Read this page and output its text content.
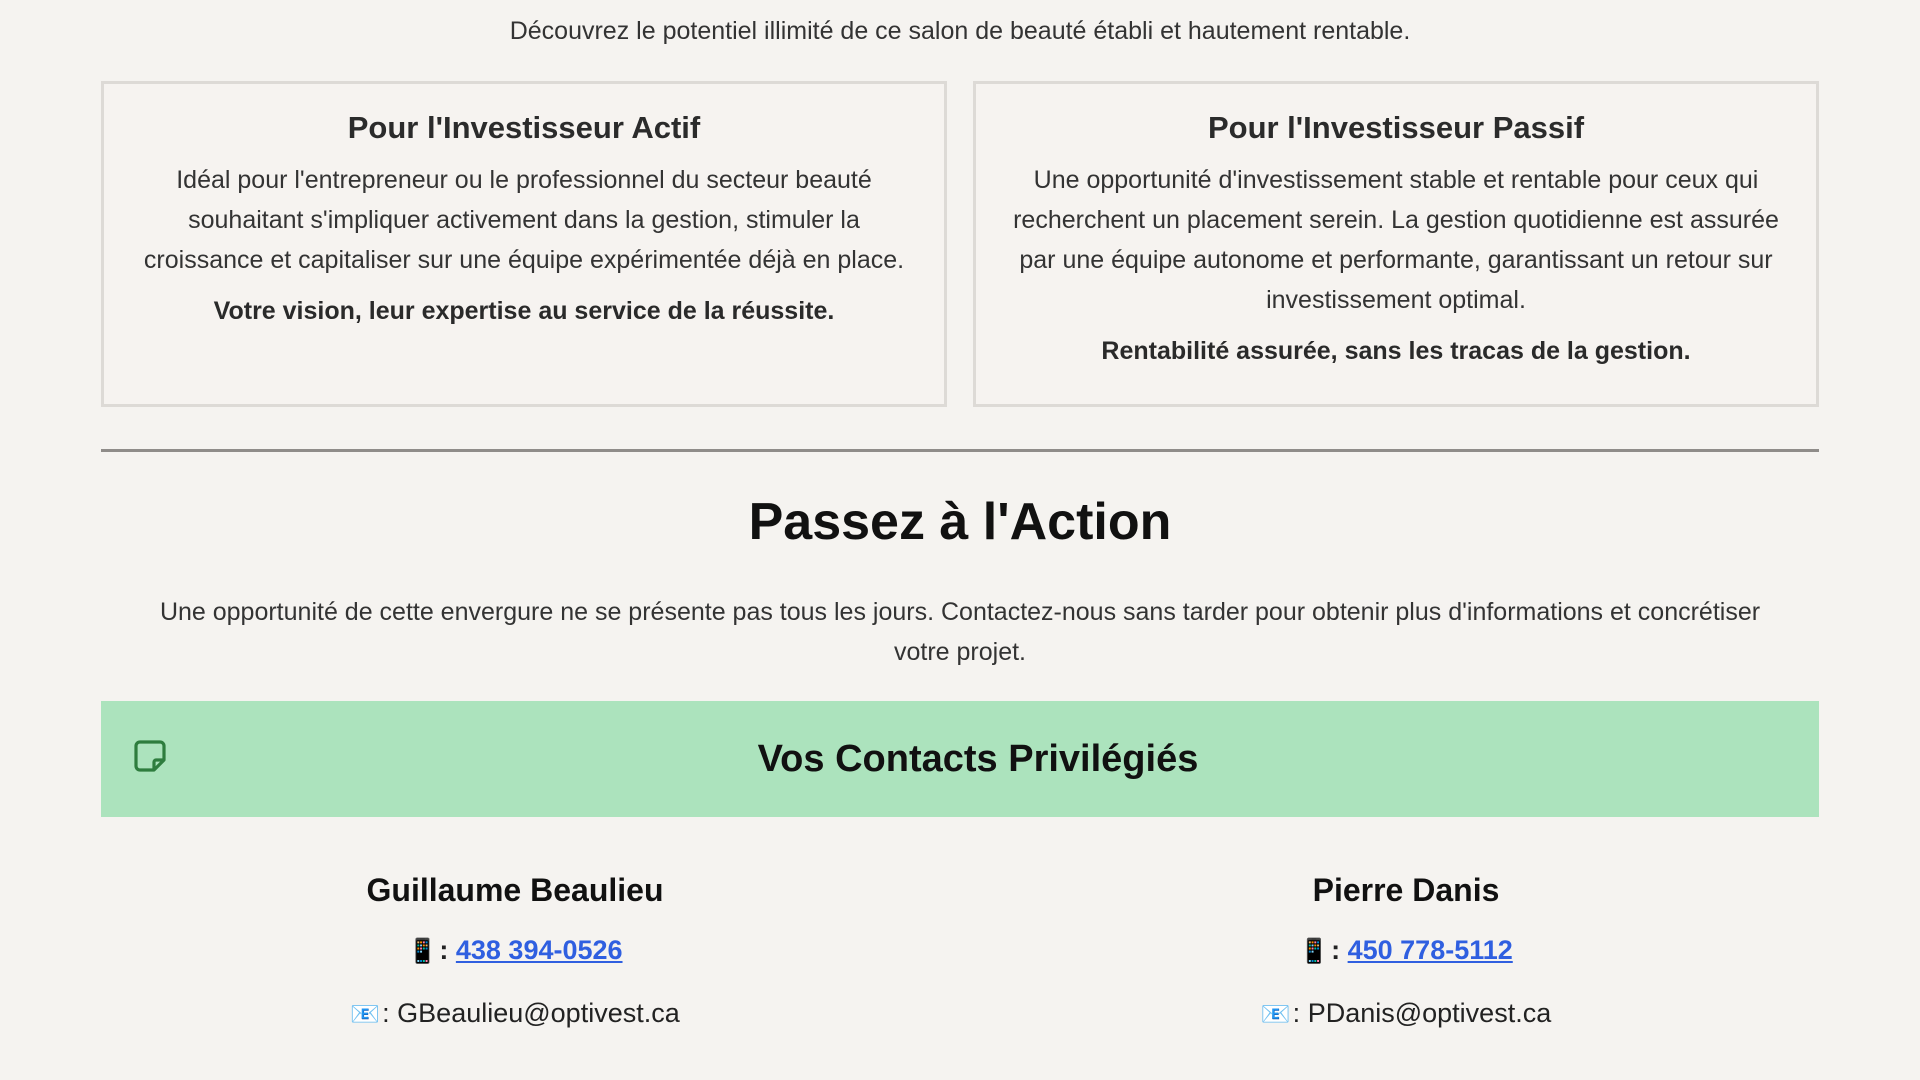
Découvrez le potentiel illimité de ce salon de beauté établi et hautement rentable.
Pour l'Investisseur Actif

Idéal pour l'entrepreneur ou le professionnel du secteur beauté souhaitant s'impliquer activement dans la gestion, stimuler la croissance et capitaliser sur une équipe expérimentée déjà en place.

Votre vision, leur expertise au service de la réussite.

Pour l'Investisseur Passif

Une opportunité d'investissement stable et rentable pour ceux qui recherchent un placement serein. La gestion quotidienne est assurée par une équipe autonome et performante, garantissant un retour sur investissement optimal.

Rentabilité assurée, sans les tracas de la gestion.

Passez à l'Action

Une opportunité de cette envergure ne se présente pas tous les jours. Contactez-nous sans tarder pour obtenir plus d'informations et concrétiser votre projet.

Vos Contacts Privilégiés

Guillaume Beaulieu

📱: 438 394-0526

📧: GBeaulieu@optivest.ca

Pierre Danis

📱: 450 778-5112

📧: PDanis@optivest.ca
